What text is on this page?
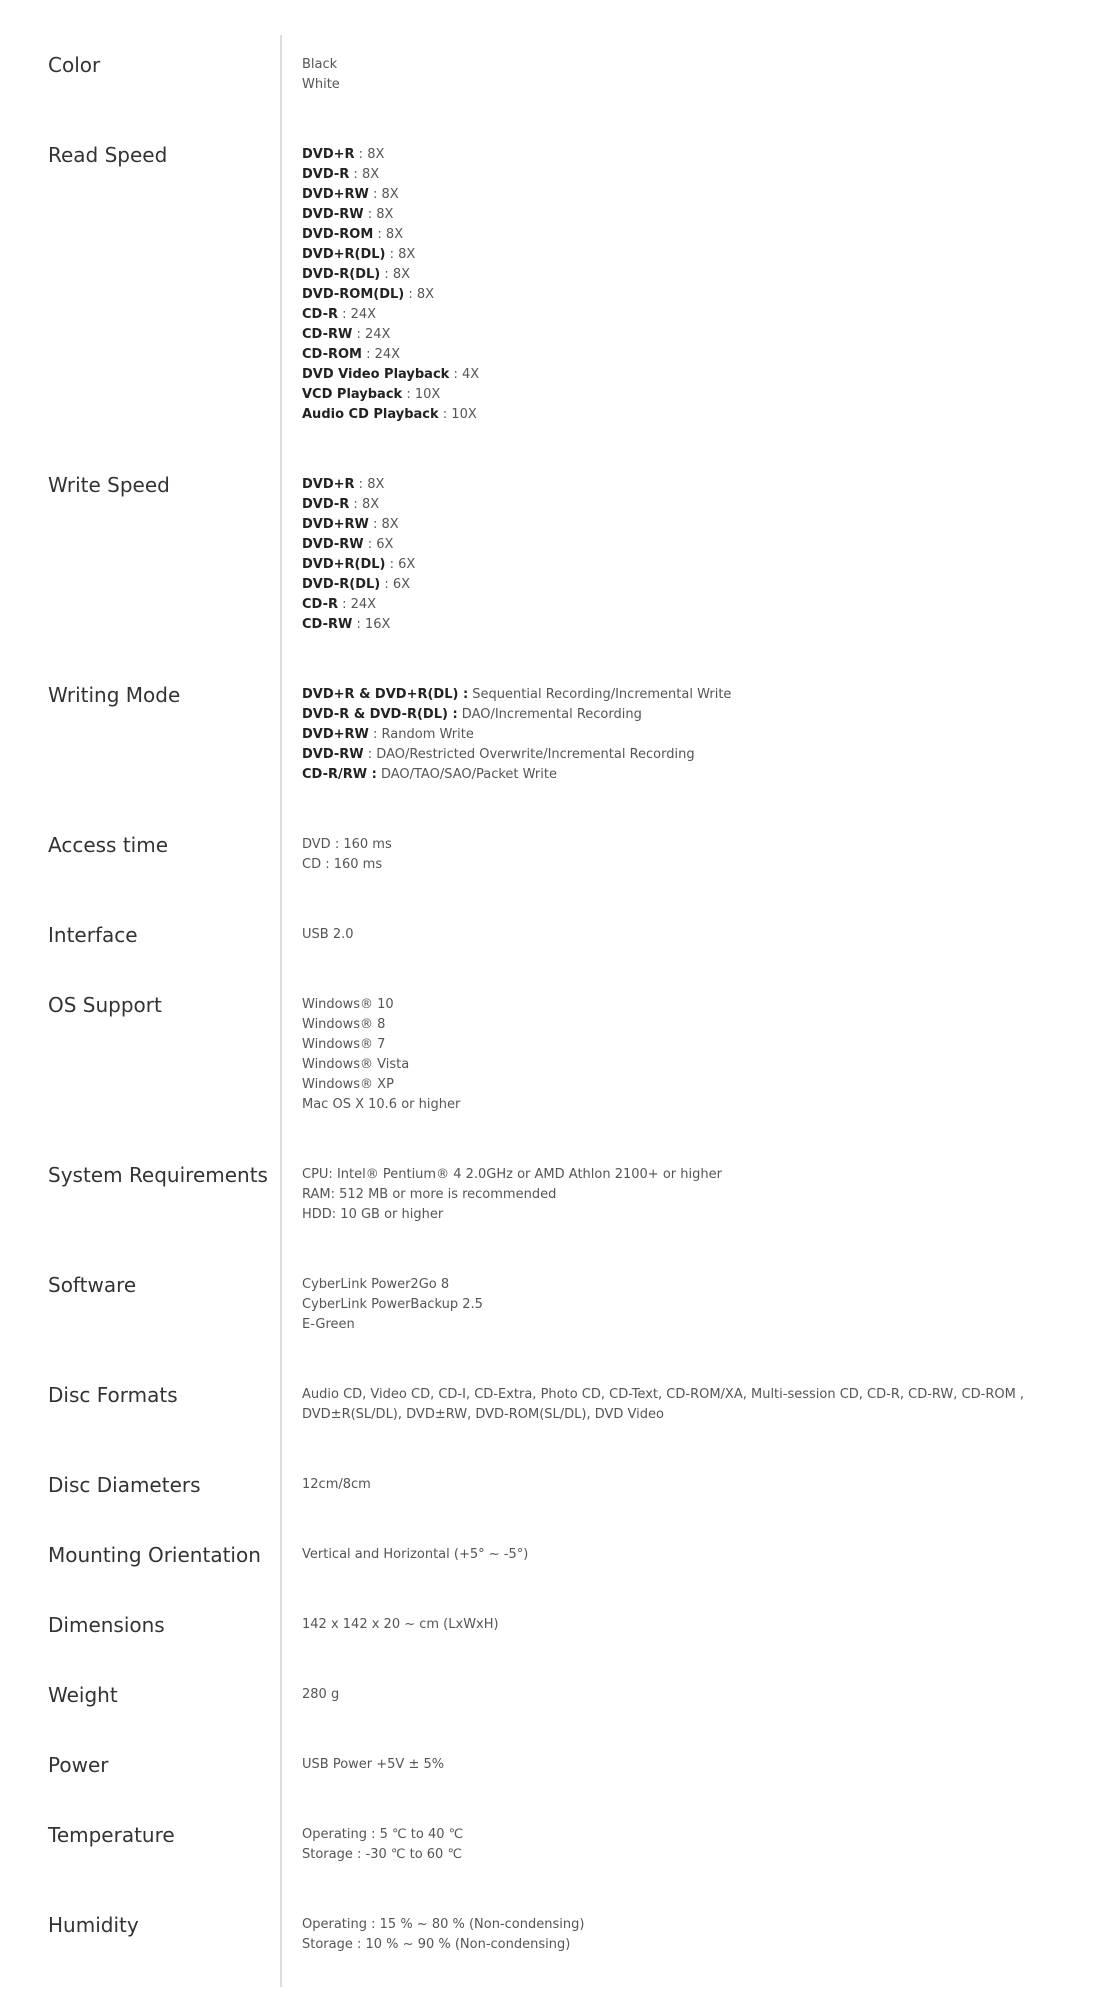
Color	Black
White
Read Speed	DVD+R : 8X
DVD-R : 8X
DVD+RW : 8X
DVD-RW : 8X
DVD-ROM : 8X
DVD+R(DL) : 8X
DVD-R(DL) : 8X
DVD-ROM(DL) : 8X
CD-R : 24X
CD-RW : 24X
CD-ROM : 24X
DVD Video Playback : 4X
VCD Playback : 10X
Audio CD Playback : 10X
Write Speed	DVD+R : 8X
DVD-R : 8X
DVD+RW : 8X
DVD-RW : 6X
DVD+R(DL) : 6X
DVD-R(DL) : 6X
CD-R : 24X
CD-RW : 16X
Writing Mode	DVD+R & DVD+R(DL) : Sequential Recording/Incremental Write
DVD-R & DVD-R(DL) : DAO/Incremental Recording
DVD+RW : Random Write
DVD-RW : DAO/Restricted Overwrite/Incremental Recording
CD-R/RW : DAO/TAO/SAO/Packet Write
Access time	DVD : 160 ms
CD : 160 ms
Interface	USB 2.0
OS Support	Windows® 10
Windows® 8
Windows® 7
Windows® Vista
Windows® XP
Mac OS X 10.6 or higher
System Requirements	CPU: Intel® Pentium® 4 2.0GHz or AMD Athlon 2100+ or higher
RAM: 512 MB or more is recommended
HDD: 10 GB or higher
Software	CyberLink Power2Go 8
CyberLink PowerBackup 2.5
E-Green
Disc Formats	Audio CD, Video CD, CD-I, CD-Extra, Photo CD, CD-Text, CD-ROM/XA, Multi-session CD, CD-R, CD-RW, CD-ROM , DVD±R(SL/DL), DVD±RW, DVD-ROM(SL/DL), DVD Video
Disc Diameters	12cm/8cm
Mounting Orientation	Vertical and Horizontal (+5° ~ -5°)
Dimensions	142 x 142 x 20 ~ cm (LxWxH)
Weight	280 g
Power	USB Power +5V ± 5%
Temperature	Operating : 5 ℃ to 40 ℃
Storage : -30 ℃ to 60 ℃
Humidity	Operating : 15 % ~ 80 % (Non-condensing)
Storage : 10 % ~ 90 % (Non-condensing)
